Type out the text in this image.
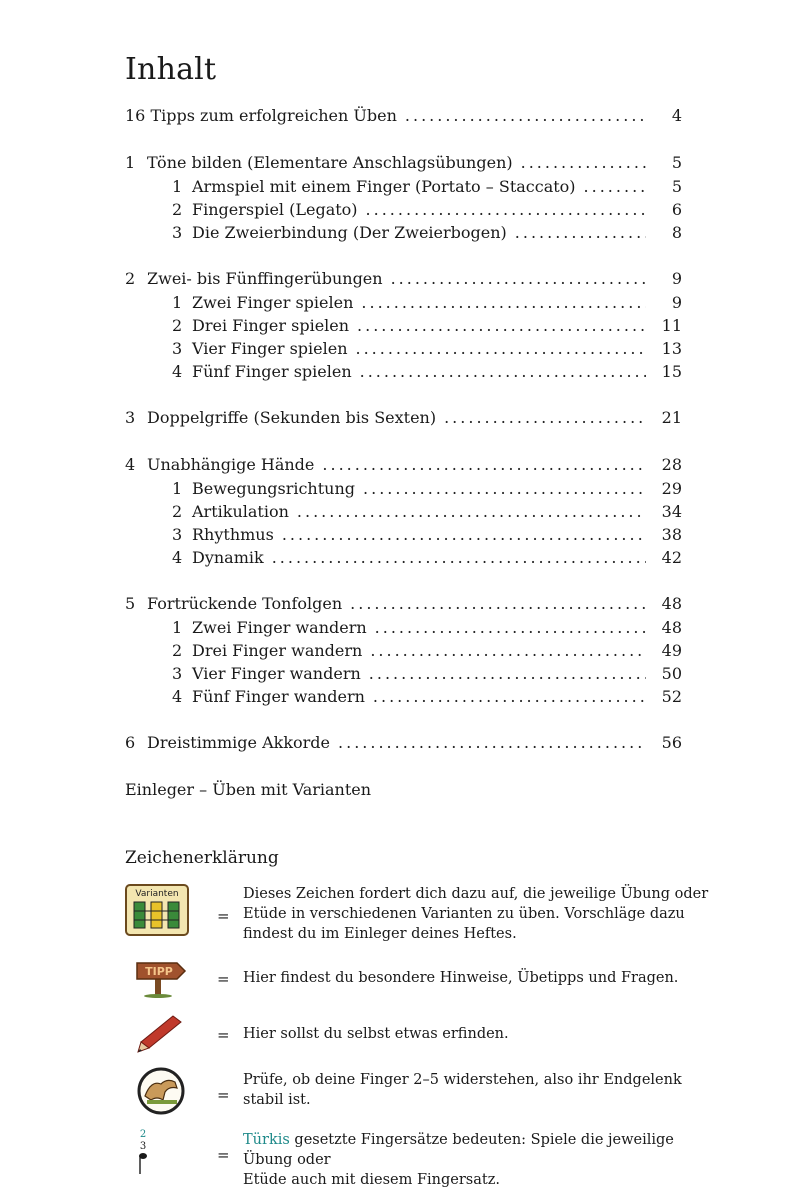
Inhalt
16 Tipps zum erfolgreichen Üben .....	4
1 Töne bilden (Elementare Anschlagsübungen) .....	5
1 Armspiel mit einem Finger (Portato – Staccato) .....	5
2 Fingerspiel (Legato) .....	6
3 Die Zweierbindung (Der Zweierbogen) .....	8
2 Zwei- bis Fünffingerübungen .....	9
1 Zwei Finger spielen .....	9
2 Drei Finger spielen .....	11
3 Vier Finger spielen .....	13
4 Fünf Finger spielen .....	15
3 Doppelgriffe (Sekunden bis Sexten) .....	21
4 Unabhängige Hände .....	28
1 Bewegungsrichtung .....	29
2 Artikulation .....	34
3 Rhythmus .....	38
4 Dynamik .....	42
5 Fortrückende Tonfolgen .....	48
1 Zwei Finger wandern .....	48
2 Drei Finger wandern .....	49
3 Vier Finger wandern .....	50
4 Fünf Finger wandern .....	52
6 Dreistimmige Akkorde .....	56
Einleger – Üben mit Varianten
Zeichenerklärung
Varianten
=
Dieses Zeichen fordert dich dazu auf, die jeweilige Übung oder
Etüde in verschiedenen Varianten zu üben. Vorschläge dazu
findest du im Einleger deines Heftes.
TIPP	= Hier findest du besondere Hinweise, Übetipps und Fragen.
= Hier sollst du selbst etwas erfinden.
=
Prüfe, ob deine Finger 2–5 widerstehen, also ihr Endgelenk
stabil ist.
2
3	=
Türkis gesetzte Fingersätze bedeuten: Spiele die jeweilige Übung oder
Etüde auch mit diesem Fingersatz.
